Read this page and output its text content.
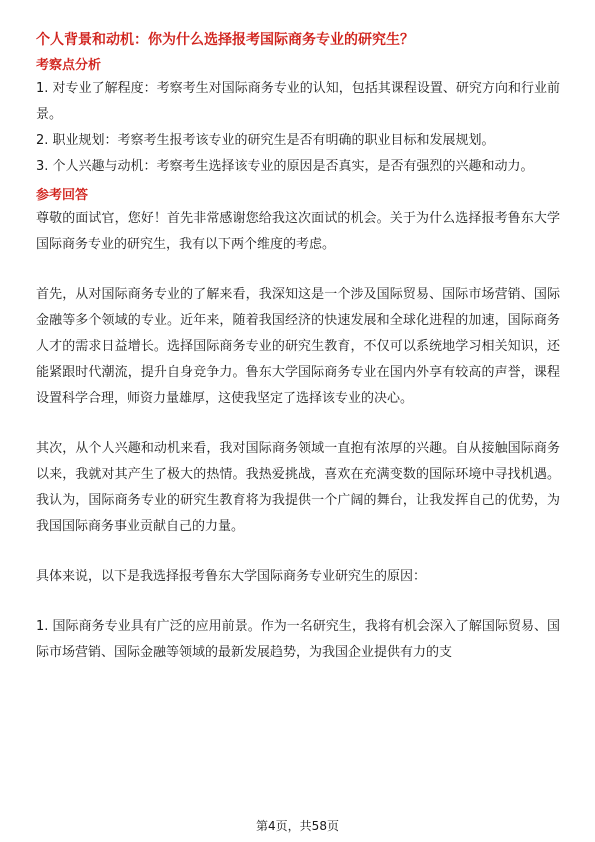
个人背景和动机：你为什么选择报考国际商务专业的研究生？

考察点分析

1. 对专业了解程度：考察考生对国际商务专业的认知，包括其课程设置、研究方向和行业前景。

2. 职业规划：考察考生报考该专业的研究生是否有明确的职业目标和发展规划。

3. 个人兴趣与动机：考察考生选择该专业的原因是否真实，是否有强烈的兴趣和动力。

参考回答

尊敬的面试官，您好！首先非常感谢您给我这次面试的机会。关于为什么选择报考鲁东大学国际商务专业的研究生，我有以下两个维度的考虑。

首先，从对国际商务专业的了解来看，我深知这是一个涉及国际贸易、国际市场营销、国际金融等多个领域的专业。近年来，随着我国经济的快速发展和全球化进程的加速，国际商务人才的需求日益增长。选择国际商务专业的研究生教育，不仅可以系统地学习相关知识，还能紧跟时代潮流，提升自身竞争力。鲁东大学国际商务专业在国内外享有较高的声誉，课程设置科学合理，师资力量雄厚，这使我坚定了选择该专业的决心。

其次，从个人兴趣和动机来看，我对国际商务领域一直抱有浓厚的兴趣。自从接触国际商务以来，我就对其产生了极大的热情。我热爱挑战，喜欢在充满变数的国际环境中寻找机遇。我认为，国际商务专业的研究生教育将为我提供一个广阔的舞台，让我发挥自己的优势，为我国国际商务事业贡献自己的力量。

具体来说，以下是我选择报考鲁东大学国际商务专业研究生的原因：

1. 国际商务专业具有广泛的应用前景。作为一名研究生，我将有机会深入了解国际贸易、国际市场营销、国际金融等领域的最新发展趋势，为我国企业提供有力的支

第4页，共58页
